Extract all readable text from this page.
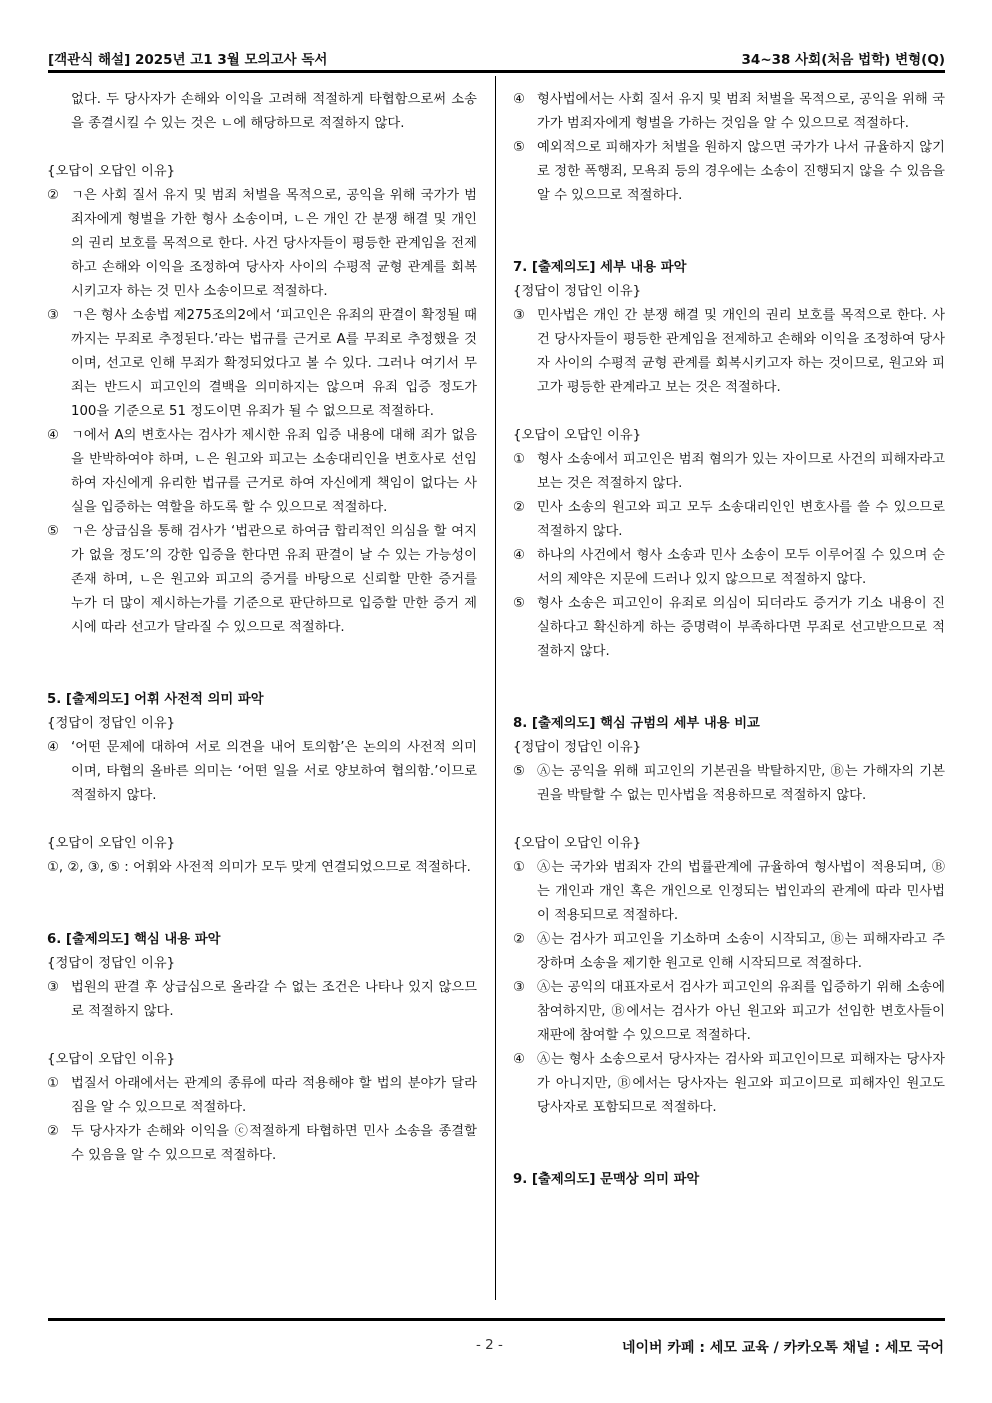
[객관식 해설] 2025년 고1 3월 모의고사 독서	34~38 사회(처음 법학) 변형(Q)

없다. 두 당사자가 손해와 이익을 고려해 적절하게 타협함으로써 소송을 종결시킬 수 있는 것은 ㄴ에 해당하므로 적절하지 않다.

{오답이 오답인 이유}

② ㄱ은 사회 질서 유지 및 범죄 처벌을 목적으로, 공익을 위해 국가가 범죄자에게 형벌을 가한 형사 소송이며, ㄴ은 개인 간 분쟁 해결 및 개인의 권리 보호를 목적으로 한다. 사건 당사자들이 평등한 관계임을 전제하고 손해와 이익을 조정하여 당사자 사이의 수평적 균형 관계를 회복시키고자 하는 것 민사 소송이므로 적절하다.
③ ㄱ은 형사 소송법 제275조의2에서 ‘피고인은 유죄의 판결이 확정될 때까지는 무죄로 추정된다.’라는 법규를 근거로 A를 무죄로 추정했을 것이며, 선고로 인해 무죄가 확정되었다고 볼 수 있다. 그러나 여기서 무죄는 반드시 피고인의 결백을 의미하지는 않으며 유죄 입증 정도가 100을 기준으로 51 정도이면 유죄가 될 수 없으므로 적절하다.
④ ㄱ에서 A의 변호사는 검사가 제시한 유죄 입증 내용에 대해 죄가 없음을 반박하여야 하며, ㄴ은 원고와 피고는 소송대리인을 변호사로 선임하여 자신에게 유리한 법규를 근거로 하여 자신에게 책임이 없다는 사실을 입증하는 역할을 하도록 할 수 있으므로 적절하다.
⑤ ㄱ은 상급심을 통해 검사가 ‘법관으로 하여금 합리적인 의심을 할 여지가 없을 정도’의 강한 입증을 한다면 유죄 판결이 날 수 있는 가능성이 존재 하며, ㄴ은 원고와 피고의 증거를 바탕으로 신뢰할 만한 증거를 누가 더 많이 제시하는가를 기준으로 판단하므로 입증할 만한 증거 제시에 따라 선고가 달라질 수 있으므로 적절하다.

5. [출제의도] 어휘 사전적 의미 파악

{정답이 정답인 이유}

④ ‘어떤 문제에 대하여 서로 의견을 내어 토의함’은 논의의 사전적 의미이며, 타협의 올바른 의미는 ‘어떤 일을 서로 양보하여 협의함.’이므로 적절하지 않다.

{오답이 오답인 이유}

①, ②, ③, ⑤ : 어휘와 사전적 의미가 모두 맞게 연결되었으므로 적절하다.

6. [출제의도] 핵심 내용 파악

{정답이 정답인 이유}

③ 법원의 판결 후 상급심으로 올라갈 수 없는 조건은 나타나 있지 않으므로 적절하지 않다.

{오답이 오답인 이유}

① 법질서 아래에서는 관계의 종류에 따라 적용해야 할 법의 분야가 달라짐을 알 수 있으므로 적절하다.
② 두 당사자가 손해와 이익을 ⓒ적절하게 타협하면 민사 소송을 종결할 수 있음을 알 수 있으므로 적절하다.
④ 형사법에서는 사회 질서 유지 및 범죄 처벌을 목적으로, 공익을 위해 국가가 범죄자에게 형벌을 가하는 것임을 알 수 있으므로 적절하다.
⑤ 예외적으로 피해자가 처벌을 원하지 않으면 국가가 나서 규율하지 않기로 정한 폭행죄, 모욕죄 등의 경우에는 소송이 진행되지 않을 수 있음을 알 수 있으므로 적절하다.

7. [출제의도] 세부 내용 파악

{정답이 정답인 이유}

③ 민사법은 개인 간 분쟁 해결 및 개인의 권리 보호를 목적으로 한다. 사건 당사자들이 평등한 관계임을 전제하고 손해와 이익을 조정하여 당사자 사이의 수평적 균형 관계를 회복시키고자 하는 것이므로, 원고와 피고가 평등한 관계라고 보는 것은 적절하다.

{오답이 오답인 이유}

① 형사 소송에서 피고인은 범죄 혐의가 있는 자이므로 사건의 피해자라고 보는 것은 적절하지 않다.
② 민사 소송의 원고와 피고 모두 소송대리인인 변호사를 쓸 수 있으므로 적절하지 않다.
④ 하나의 사건에서 형사 소송과 민사 소송이 모두 이루어질 수 있으며 순서의 제약은 지문에 드러나 있지 않으므로 적절하지 않다.
⑤ 형사 소송은 피고인이 유죄로 의심이 되더라도 증거가 기소 내용이 진실하다고 확신하게 하는 증명력이 부족하다면 무죄로 선고받으므로 적절하지 않다.

8. [출제의도] 핵심 규범의 세부 내용 비교

{정답이 정답인 이유}

⑤ Ⓐ는 공익을 위해 피고인의 기본권을 박탈하지만, Ⓑ는 가해자의 기본권을 박탈할 수 없는 민사법을 적용하므로 적절하지 않다.

{오답이 오답인 이유}

① Ⓐ는 국가와 범죄자 간의 법률관계에 규율하여 형사법이 적용되며, Ⓑ는 개인과 개인 혹은 개인으로 인정되는 법인과의 관계에 따라 민사법이 적용되므로 적절하다.
② Ⓐ는 검사가 피고인을 기소하며 소송이 시작되고, Ⓑ는 피해자라고 주장하며 소송을 제기한 원고로 인해 시작되므로 적절하다.
③ Ⓐ는 공익의 대표자로서 검사가 피고인의 유죄를 입증하기 위해 소송에 참여하지만, Ⓑ에서는 검사가 아닌 원고와 피고가 선임한 변호사들이 재판에 참여할 수 있으므로 적절하다.
④ Ⓐ는 형사 소송으로서 당사자는 검사와 피고인이므로 피해자는 당사자가 아니지만, Ⓑ에서는 당사자는 원고와 피고이므로 피해자인 원고도 당사자로 포함되므로 적절하다.

9. [출제의도] 문맥상 의미 파악

- 2 -	네이버 카페 : 세모 교육 / 카카오톡 채널 : 세모 국어
